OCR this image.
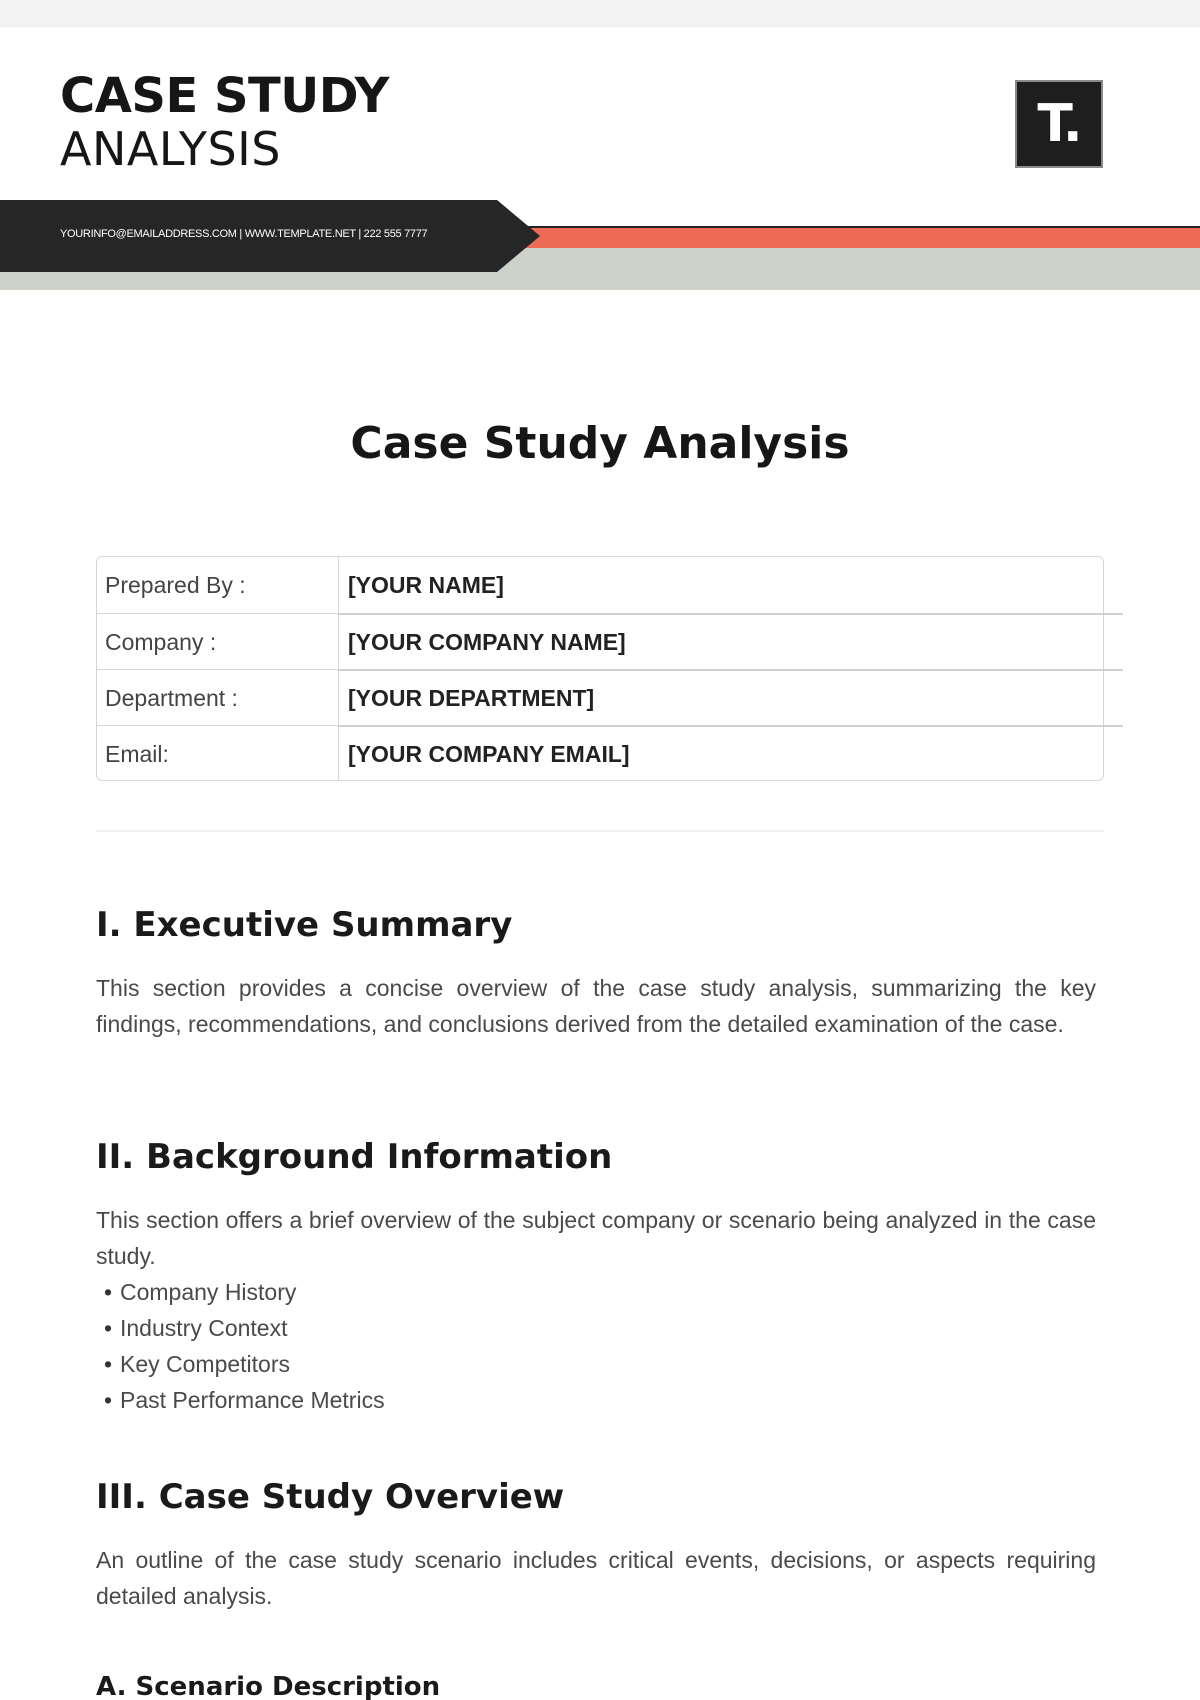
CASE STUDY
ANALYSIS	T.
YOURINFO@EMAILADDRESS.COM | WWW.TEMPLATE.NET | 222 555 7777
Case Study Analysis
Prepared By :	[YOUR NAME]
Company :	[YOUR COMPANY NAME]
Department :	[YOUR DEPARTMENT]
Email:	[YOUR COMPANY EMAIL]
I. Executive Summary

This section provides a concise overview of the case study analysis, summarizing the key findings, recommendations, and conclusions derived from the detailed examination of the case.

II. Background Information

This section offers a brief overview of the subject company or scenario being analyzed in the case study.

• Company History
• Industry Context
• Key Competitors
• Past Performance Metrics
III. Case Study Overview

An outline of the case study scenario includes critical events, decisions, or aspects requiring detailed analysis.

A. Scenario Description
